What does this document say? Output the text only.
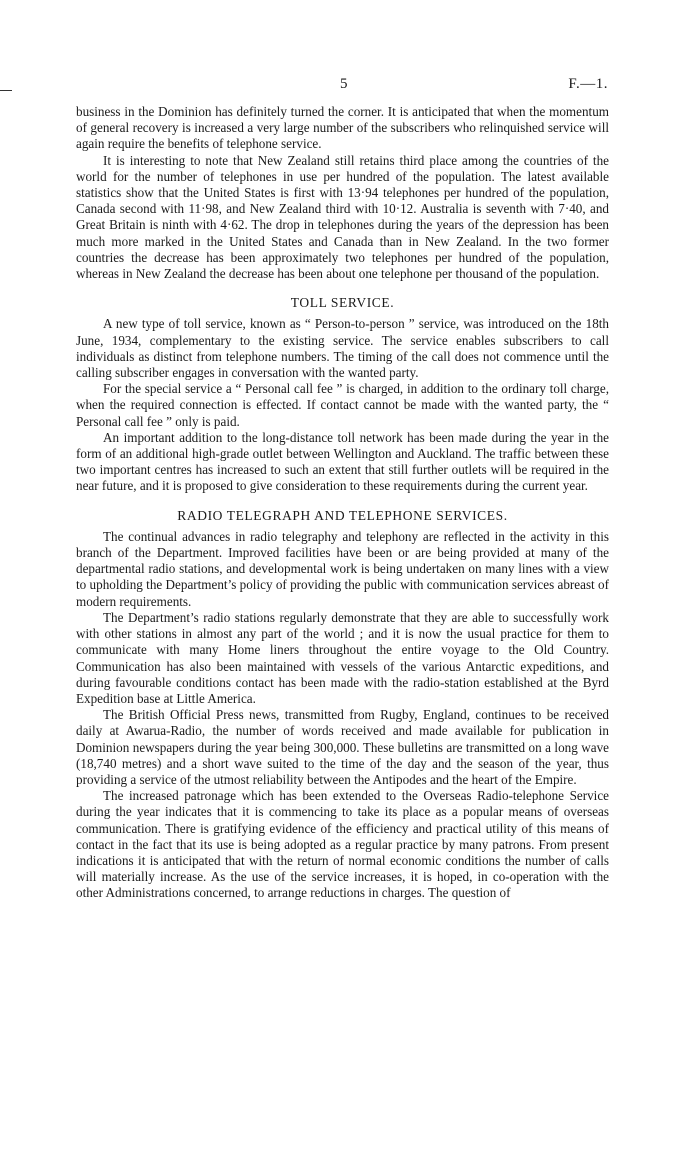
5	F.—1.

business in the Dominion has definitely turned the corner. It is anticipated that when the momentum of general recovery is increased a very large number of the subscribers who relinquished service will again require the benefits of telephone service.

It is interesting to note that New Zealand still retains third place among the countries of the world for the number of telephones in use per hundred of the population. The latest available statistics show that the United States is first with 13·94 telephones per hundred of the population, Canada second with 11·98, and New Zealand third with 10·12. Australia is seventh with 7·40, and Great Britain is ninth with 4·62. The drop in telephones during the years of the depression has been much more marked in the United States and Canada than in New Zealand. In the two former countries the decrease has been approximately two telephones per hundred of the population, whereas in New Zealand the decrease has been about one telephone per thousand of the population.

TOLL SERVICE.

A new type of toll service, known as “ Person-to-person ” service, was introduced on the 18th June, 1934, complementary to the existing service. The service enables subscribers to call individuals as distinct from telephone numbers. The timing of the call does not commence until the calling subscriber engages in conversation with the wanted party.

For the special service a “ Personal call fee ” is charged, in addition to the ordinary toll charge, when the required connection is effected. If contact cannot be made with the wanted party, the “ Personal call fee ” only is paid.

An important addition to the long-distance toll network has been made during the year in the form of an additional high-grade outlet between Wellington and Auckland. The traffic between these two important centres has increased to such an extent that still further outlets will be required in the near future, and it is proposed to give consideration to these requirements during the current year.

RADIO TELEGRAPH AND TELEPHONE SERVICES.

The continual advances in radio telegraphy and telephony are reflected in the activity in this branch of the Department. Improved facilities have been or are being provided at many of the departmental radio stations, and developmental work is being undertaken on many lines with a view to upholding the Department’s policy of providing the public with communication services abreast of modern requirements.

The Department’s radio stations regularly demonstrate that they are able to successfully work with other stations in almost any part of the world ; and it is now the usual practice for them to communicate with many Home liners throughout the entire voyage to the Old Country. Communication has also been maintained with vessels of the various Antarctic expeditions, and during favourable conditions contact has been made with the radio-station established at the Byrd Expedition base at Little America.

The British Official Press news, transmitted from Rugby, England, continues to be received daily at Awarua-Radio, the number of words received and made available for publication in Dominion newspapers during the year being 300,000. These bulletins are transmitted on a long wave (18,740 metres) and a short wave suited to the time of the day and the season of the year, thus providing a service of the utmost reliability between the Antipodes and the heart of the Empire.

The increased patronage which has been extended to the Overseas Radio-telephone Service during the year indicates that it is commencing to take its place as a popular means of overseas communication. There is gratifying evidence of the efficiency and practical utility of this means of contact in the fact that its use is being adopted as a regular practice by many patrons. From present indications it is anticipated that with the return of normal economic conditions the number of calls will materially increase. As the use of the service increases, it is hoped, in co-operation with the other Administrations concerned, to arrange reductions in charges. The question of
